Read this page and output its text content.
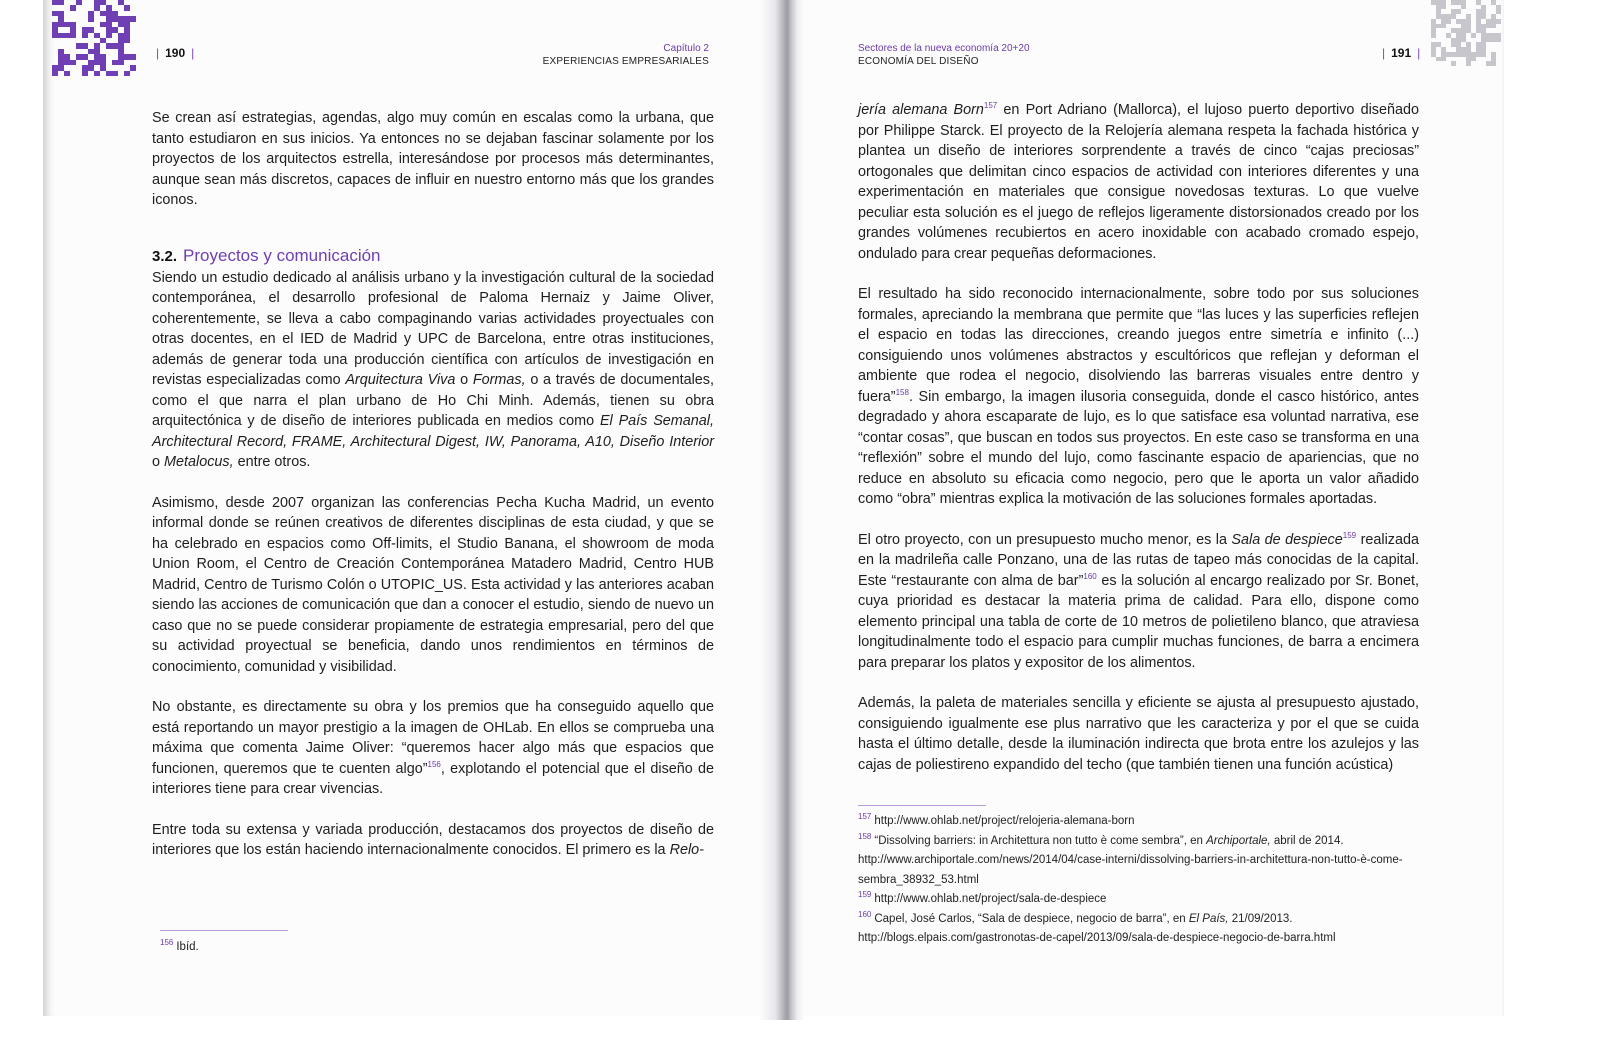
| 190 |	Capítulo 2
EXPERIENCIAS EMPRESARIALES
Sectores de la nueva economía 20+20
ECONOMÍA DEL DISEÑO
| 191 |

Se crean así estrategias, agendas, algo muy común en escalas como la urbana, que tanto estudiaron en sus inicios. Ya entonces no se dejaban fascinar solamente por los proyectos de los arquitectos estrella, interesándose por procesos más determinantes, aunque sean más discretos, capaces de influir en nuestro entorno más que los grandes iconos.

3.2. Proyectos y comunicación

Siendo un estudio dedicado al análisis urbano y la investigación cultural de la sociedad contemporánea, el desarrollo profesional de Paloma Hernaiz y Jaime Oliver, coherentemente, se lleva a cabo compaginando varias actividades proyectuales con otras docentes, en el IED de Madrid y UPC de Barcelona, entre otras instituciones, además de generar toda una producción científica con artículos de investigación en revistas especializadas como Arquitectura Viva o Formas, o a través de documentales, como el que narra el plan urbano de Ho Chi Minh. Además, tienen su obra arquitectónica y de diseño de interiores publicada en medios como El País Semanal, Architectural Record, FRAME, Architectural Digest, IW, Panorama, A10, Diseño Interior o Metalocus, entre otros.

Asimismo, desde 2007 organizan las conferencias Pecha Kucha Madrid, un evento informal donde se reúnen creativos de diferentes disciplinas de esta ciudad, y que se ha celebrado en espacios como Off-limits, el Studio Banana, el showroom de moda Union Room, el Centro de Creación Contemporánea Matadero Madrid, Centro HUB Madrid, Centro de Turismo Colón o UTOPIC_US. Esta actividad y las anteriores acaban siendo las acciones de comunicación que dan a conocer el estudio, siendo de nuevo un caso que no se puede considerar propiamente de estrategia empresarial, pero del que su actividad proyectual se beneficia, dando unos rendimientos en términos de conocimiento, comunidad y visibilidad.

No obstante, es directamente su obra y los premios que ha conseguido aquello que está reportando un mayor prestigio a la imagen de OHLab. En ellos se comprueba una máxima que comenta Jaime Oliver: “queremos hacer algo más que espacios que funcionen, queremos que te cuenten algo”$^{156}$, explotando el potencial que el diseño de interiores tiene para crear vivencias.

Entre toda su extensa y variada producción, destacamos dos proyectos de diseño de interiores que los están haciendo internacionalmente conocidos. El primero es la Relo-

$^{156}$ Ibíd.

jería alemana Born$^{157}$ en Port Adriano (Mallorca), el lujoso puerto deportivo diseñado por Philippe Starck. El proyecto de la Relojería alemana respeta la fachada histórica y plantea un diseño de interiores sorprendente a través de cinco “cajas preciosas” ortogonales que delimitan cinco espacios de actividad con interiores diferentes y una experimentación en materiales que consigue novedosas texturas. Lo que vuelve peculiar esta solución es el juego de reflejos ligeramente distorsionados creado por los grandes volúmenes recubiertos en acero inoxidable con acabado cromado espejo, ondulado para crear pequeñas deformaciones.

El resultado ha sido reconocido internacionalmente, sobre todo por sus soluciones formales, apreciando la membrana que permite que “las luces y las superficies reflejen el espacio en todas las direcciones, creando juegos entre simetría e infinito (...) consiguiendo unos volúmenes abstractos y escultóricos que reflejan y deforman el ambiente que rodea el negocio, disolviendo las barreras visuales entre dentro y fuera”$^{158}$. Sin embargo, la imagen ilusoria conseguida, donde el casco histórico, antes degradado y ahora escaparate de lujo, es lo que satisface esa voluntad narrativa, ese “contar cosas”, que buscan en todos sus proyectos. En este caso se transforma en una “reflexión” sobre el mundo del lujo, como fascinante espacio de apariencias, que no reduce en absoluto su eficacia como negocio, pero que le aporta un valor añadido como “obra” mientras explica la motivación de las soluciones formales aportadas.

El otro proyecto, con un presupuesto mucho menor, es la Sala de despiece$^{159}$ realizada en la madrileña calle Ponzano, una de las rutas de tapeo más conocidas de la capital. Este “restaurante con alma de bar”$^{160}$ es la solución al encargo realizado por Sr. Bonet, cuya prioridad es destacar la materia prima de calidad. Para ello, dispone como elemento principal una tabla de corte de 10 metros de polietileno blanco, que atraviesa longitudinalmente todo el espacio para cumplir muchas funciones, de barra a encimera para preparar los platos y expositor de los alimentos.

Además, la paleta de materiales sencilla y eficiente se ajusta al presupuesto ajustado, consiguiendo igualmente ese plus narrativo que les caracteriza y por el que se cuida hasta el último detalle, desde la iluminación indirecta que brota entre los azulejos y las cajas de poliestireno expandido del techo (que también tienen una función acústica)

$^{157}$ http://www.ohlab.net/project/relojeria-alemana-born

$^{158}$ “Dissolving barriers: in Architettura non tutto è come sembra”, en Archiportale, abril de 2014. http://www.archiportale.com/news/2014/04/case-interni/dissolving-barriers-in-architettura-non-tutto-è-come-sembra_38932_53.html

$^{159}$ http://www.ohlab.net/project/sala-de-despiece

$^{160}$ Capel, José Carlos, “Sala de despiece, negocio de barra”, en El País, 21/09/2013. http://blogs.elpais.com/gastronotas-de-capel/2013/09/sala-de-despiece-negocio-de-barra.html
